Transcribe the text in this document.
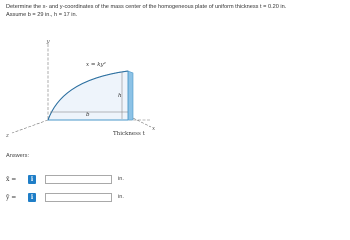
Determine the x- and y-coordinates of the mass center of the homogeneous plate of uniform thickness t = 0.20 in.
Assume b = 29 in., h = 17 in.
y
z
x
x = ky²
b
h
Thickness t
Answers:
x̄ =	i	in.
ȳ =	i	in.
